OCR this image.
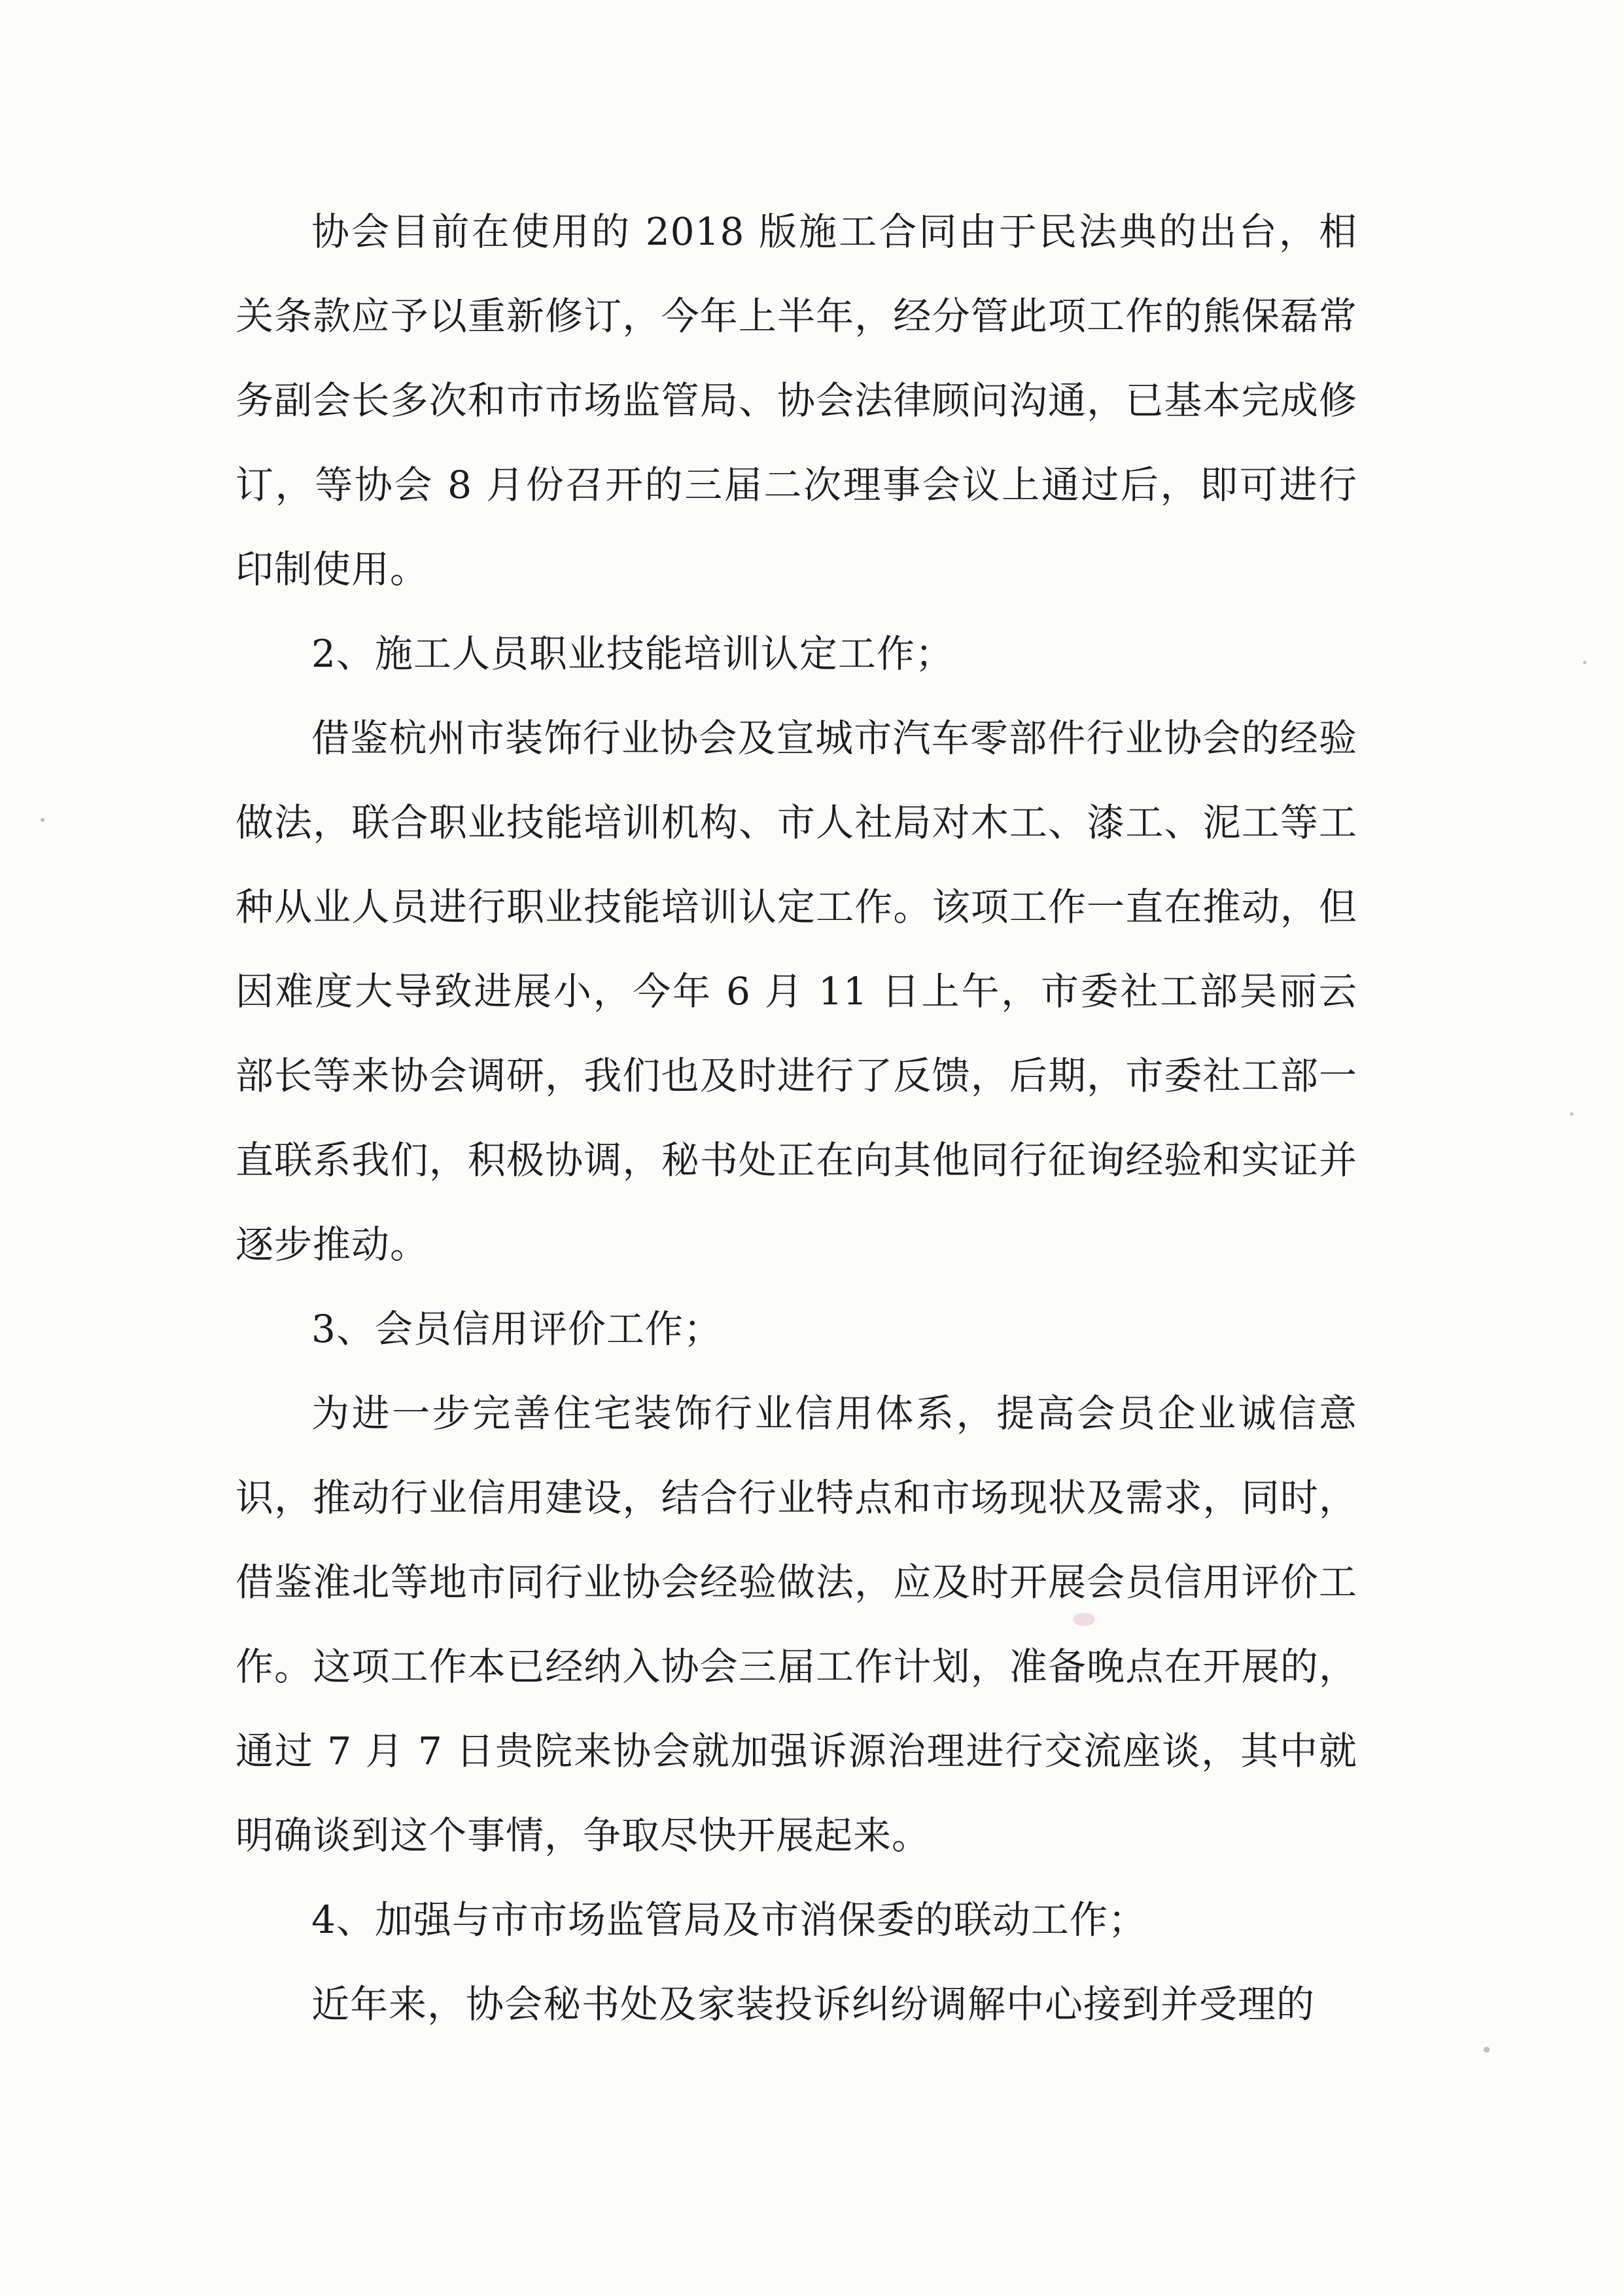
协会目前在使用的 2018 版施工合同由于民法典的出台，相关条款应予以重新修订，今年上半年，经分管此项工作的熊保磊常务副会长多次和市市场监管局、协会法律顾问沟通，已基本完成修订，等协会 8 月份召开的三届二次理事会议上通过后，即可进行印制使用。

2、施工人员职业技能培训认定工作；

借鉴杭州市装饰行业协会及宣城市汽车零部件行业协会的经验做法，联合职业技能培训机构、市人社局对木工、漆工、泥工等工种从业人员进行职业技能培训认定工作。该项工作一直在推动，但因难度大导致进展小，今年 6 月 11 日上午，市委社工部吴丽云部长等来协会调研，我们也及时进行了反馈，后期，市委社工部一直联系我们，积极协调，秘书处正在向其他同行征询经验和实证并逐步推动。

3、会员信用评价工作；

为进一步完善住宅装饰行业信用体系，提高会员企业诚信意识，推动行业信用建设，结合行业特点和市场现状及需求，同时，借鉴淮北等地市同行业协会经验做法，应及时开展会员信用评价工作。这项工作本已经纳入协会三届工作计划，准备晚点在开展的，通过 7 月 7 日贵院来协会就加强诉源治理进行交流座谈，其中就明确谈到这个事情，争取尽快开展起来。

4、加强与市市场监管局及市消保委的联动工作；

近年来，协会秘书处及家装投诉纠纷调解中心接到并受理的
